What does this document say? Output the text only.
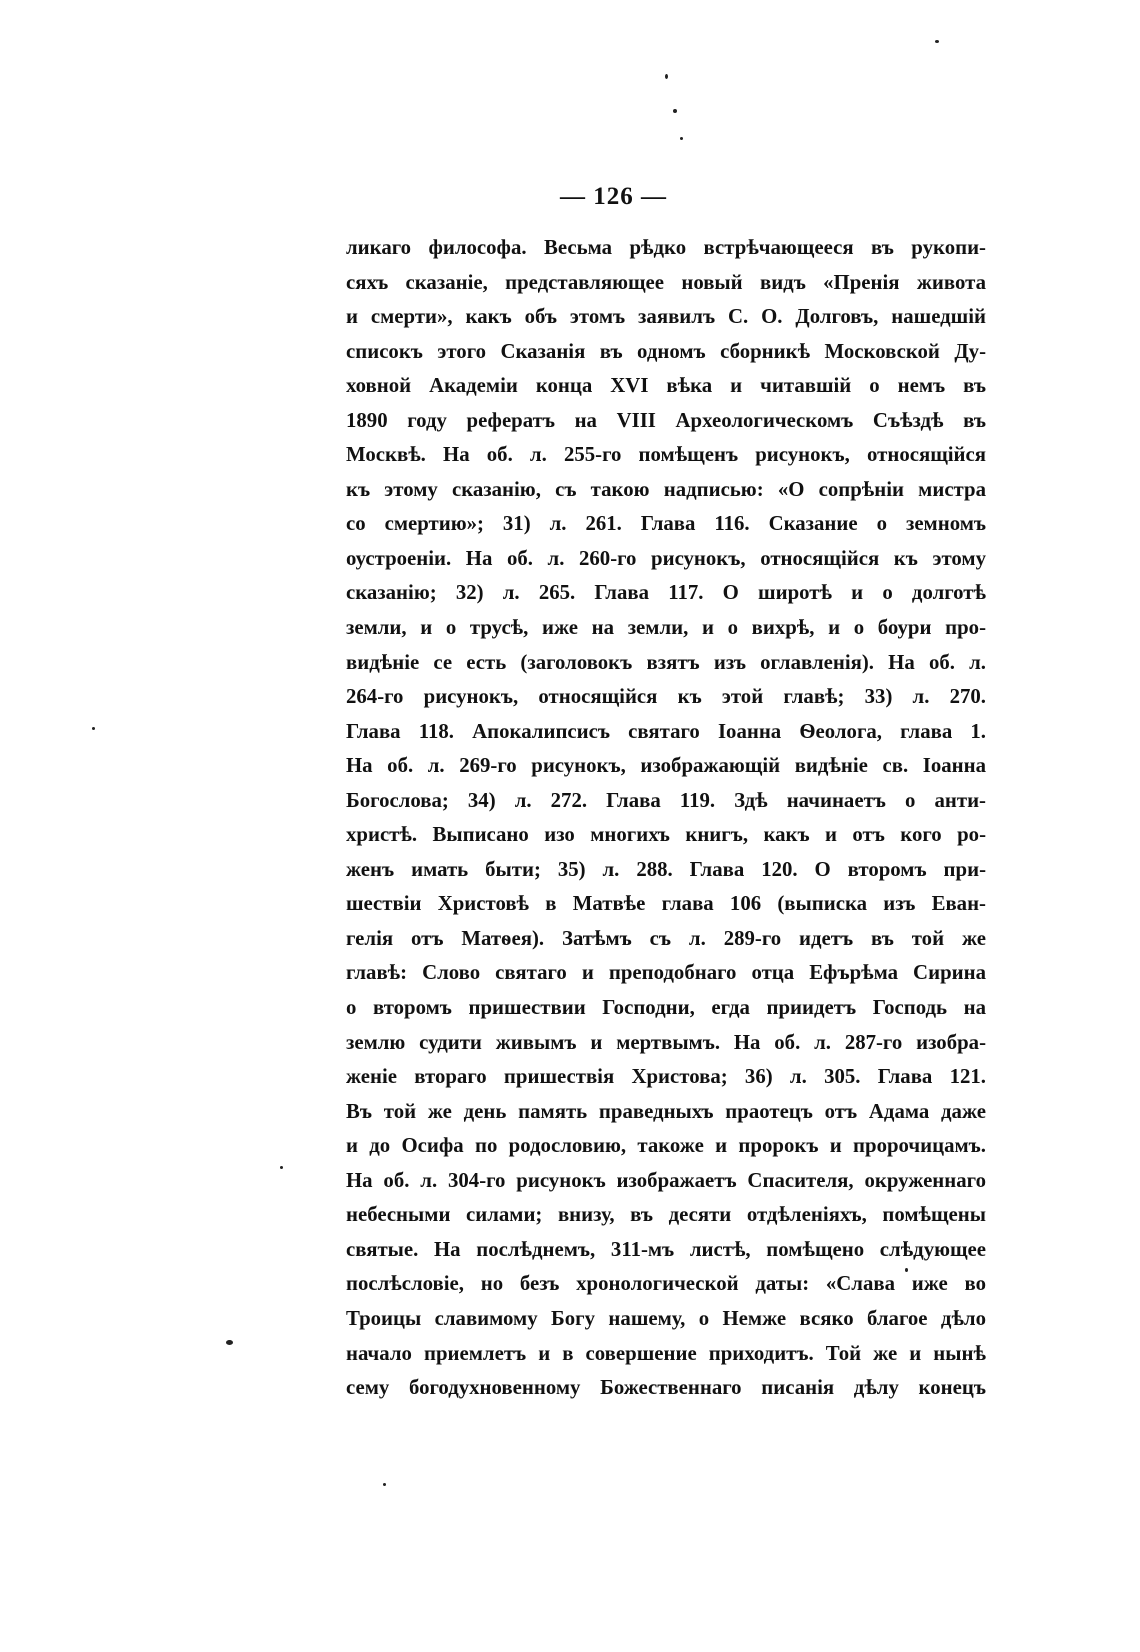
— 126 —
ликаго философа. Весьма рѣдко встрѣчающееся въ рукопи-
сяхъ сказаніе, представляющее новый видъ «Пренія живота
и смерти», какъ объ этомъ заявилъ С. О. Долговъ, нашедшій
списокъ этого Сказанія въ одномъ сборникѣ Московской Ду-
ховной Академіи конца XVI вѣка и читавшій о немъ въ
1890 году рефератъ на VIII Археологическомъ Съѣздѣ въ
Москвѣ. На об. л. 255-го помѣщенъ рисунокъ, относящійся
къ этому сказанію, съ такою надписью: «О сопрѣніи мистра
со смертию»; 31) л. 261. Глава 116. Сказание о земномъ
оустроеніи. На об. л. 260-го рисунокъ, относящійся къ этому
сказанію; 32) л. 265. Глава 117. О широтѣ и о долготѣ
земли, и о трусѣ, иже на земли, и о вихрѣ, и о боури про-
видѣніе се есть (заголовокъ взятъ изъ оглавленія). На об. л.
264-го рисунокъ, относящійся къ этой главѣ; 33) л. 270.
Глава 118. Апокалипсисъ святаго Іоанна Ѳеолога, глава 1.
На об. л. 269-го рисунокъ, изображающій видѣніе св. Іоанна
Богослова; 34) л. 272. Глава 119. Здѣ начинаетъ о анти-
христѣ. Выписано изо многихъ книгъ, какъ и отъ кого ро-
женъ имать быти; 35) л. 288. Глава 120. О второмъ при-
шествіи Христовѣ в Матвѣе глава 106 (выписка изъ Еван-
гелія отъ Матѳея). Затѣмъ съ л. 289-го идетъ въ той же
главѣ: Слово святаго и преподобнаго отца Ефърѣма Сирина
о второмъ пришествии Господни, егда приидетъ Господь на
землю судити живымъ и мертвымъ. На об. л. 287-го изобра-
женіе втораго пришествія Христова; 36) л. 305. Глава 121.
Въ той же день память праведныхъ праотецъ отъ Адама даже
и до Осифа по родословию, такоже и пророкъ и пророчицамъ.
На об. л. 304-го рисунокъ изображаетъ Спасителя, окруженнаго
небесными силами; внизу, въ десяти отдѣленіяхъ, помѣщены
святые. На послѣднемъ, 311-мъ листѣ, помѣщено слѣдующее
послѣсловіе, но безъ хронологической даты: «Слава иже во
Троицы славимому Богу нашему, о Немже всяко благое дѣло
начало приемлетъ и в совершение приходитъ. Той же и нынѣ
сему богодухновенному Божественнаго писанія дѣлу конецъ
